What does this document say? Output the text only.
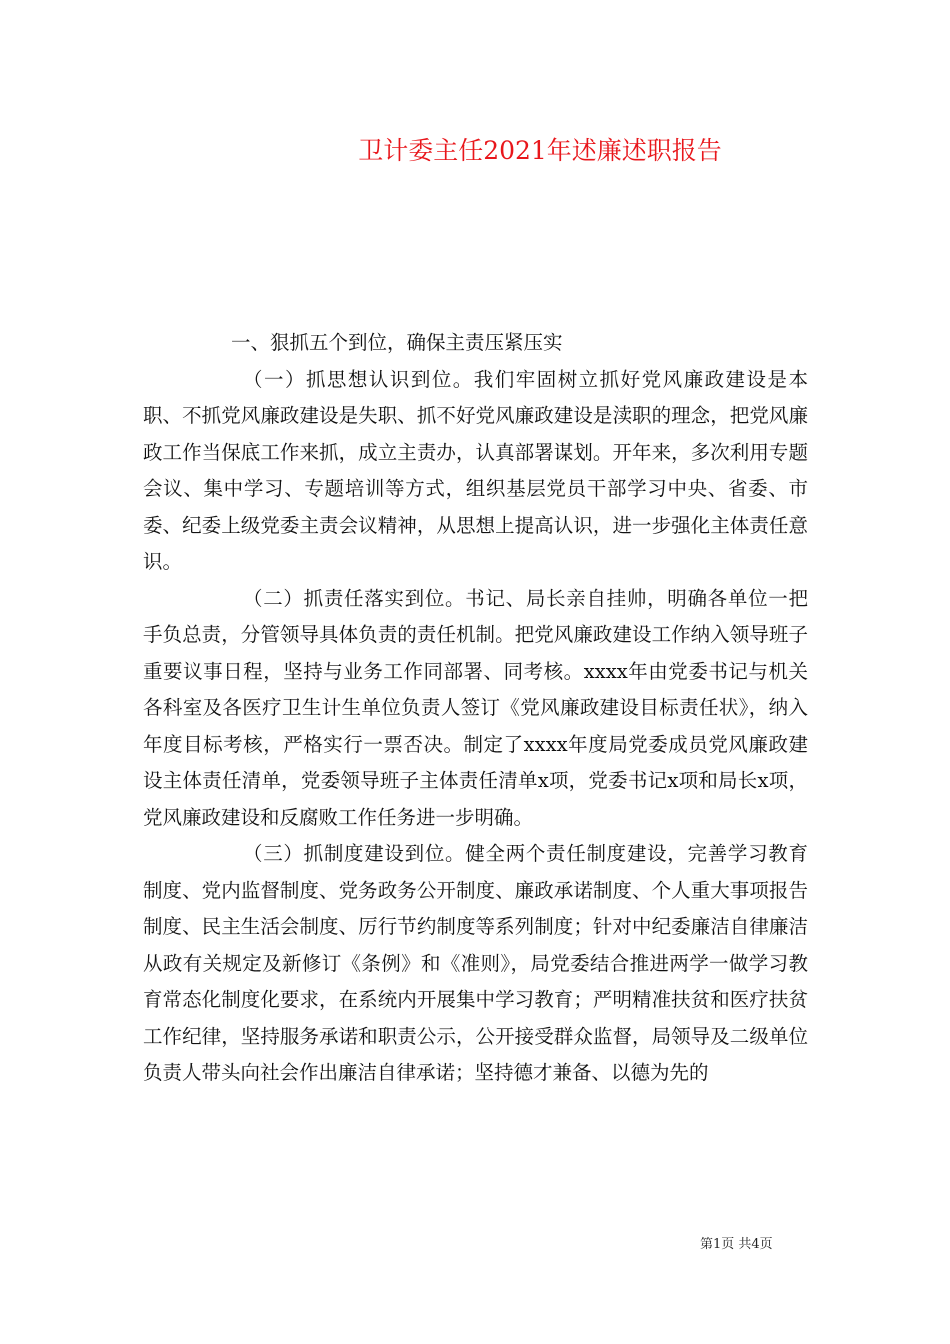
卫计委主任2021年述廉述职报告

一、狠抓五个到位，确保主责压紧压实

（一）抓思想认识到位。我们牢固树立抓好党风廉政建设是本职、不抓党风廉政建设是失职、抓不好党风廉政建设是渎职的理念，把党风廉政工作当保底工作来抓，成立主责办，认真部署谋划。开年来，多次利用专题会议、集中学习、专题培训等方式，组织基层党员干部学习中央、省委、市委、纪委上级党委主责会议精神，从思想上提高认识，进一步强化主体责任意识。

（二）抓责任落实到位。书记、局长亲自挂帅，明确各单位一把手负总责，分管领导具体负责的责任机制。把党风廉政建设工作纳入领导班子重要议事日程，坚持与业务工作同部署、同考核。xxxx年由党委书记与机关各科室及各医疗卫生计生单位负责人签订《党风廉政建设目标责任状》，纳入年度目标考核，严格实行一票否决。制定了xxxx年度局党委成员党风廉政建设主体责任清单，党委领导班子主体责任清单x项，党委书记x项和局长x项，党风廉政建设和反腐败工作任务进一步明确。

（三）抓制度建设到位。健全两个责任制度建设，完善学习教育制度、党内监督制度、党务政务公开制度、廉政承诺制度、个人重大事项报告制度、民主生活会制度、厉行节约制度等系列制度；针对中纪委廉洁自律廉洁从政有关规定及新修订《条例》和《准则》，局党委结合推进两学一做学习教育常态化制度化要求，在系统内开展集中学习教育；严明精准扶贫和医疗扶贫工作纪律，坚持服务承诺和职责公示，公开接受群众监督，局领导及二级单位负责人带头向社会作出廉洁自律承诺；坚持德才兼备、以德为先的

第1页 共4页
